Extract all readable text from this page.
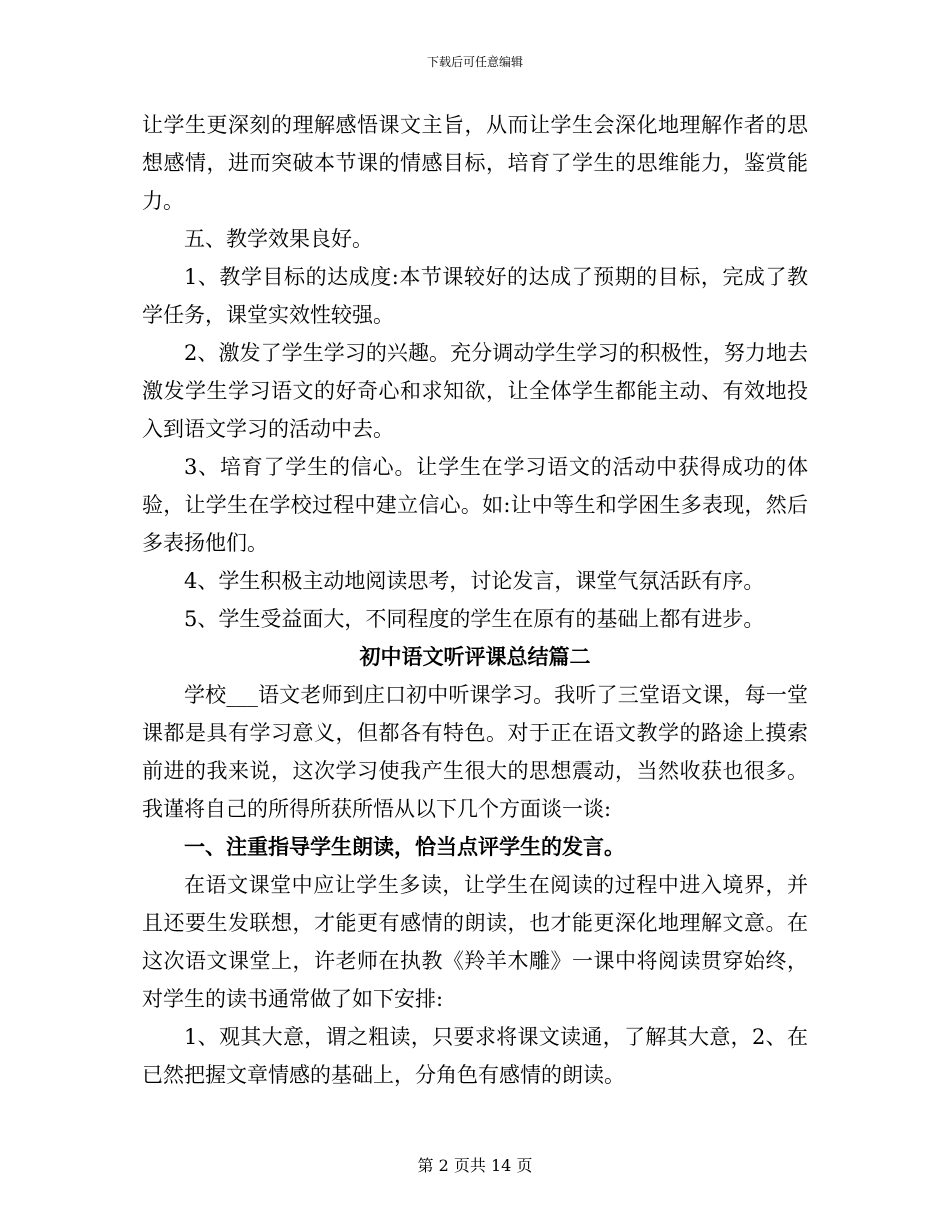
下载后可任意编辑

让学生更深刻的理解感悟课文主旨，从而让学生会深化地理解作者的思想感情，进而突破本节课的情感目标，培育了学生的思维能力，鉴赏能力。

五、教学效果良好。

1、教学目标的达成度:本节课较好的达成了预期的目标，完成了教学任务，课堂实效性较强。

2、激发了学生学习的兴趣。充分调动学生学习的积极性，努力地去激发学生学习语文的好奇心和求知欲，让全体学生都能主动、有效地投入到语文学习的活动中去。

3、培育了学生的信心。让学生在学习语文的活动中获得成功的体验，让学生在学校过程中建立信心。如:让中等生和学困生多表现，然后多表扬他们。

4、学生积极主动地阅读思考，讨论发言，课堂气氛活跃有序。

5、学生受益面大，不同程度的学生在原有的基础上都有进步。

初中语文听评课总结篇二

学校___语文老师到庄口初中听课学习。我听了三堂语文课，每一堂课都是具有学习意义，但都各有特色。对于正在语文教学的路途上摸索前进的我来说，这次学习使我产生很大的思想震动，当然收获也很多。我谨将自己的所得所获所悟从以下几个方面谈一谈:

一、注重指导学生朗读，恰当点评学生的发言。

在语文课堂中应让学生多读，让学生在阅读的过程中进入境界，并且还要生发联想，才能更有感情的朗读，也才能更深化地理解文意。在这次语文课堂上，许老师在执教《羚羊木雕》一课中将阅读贯穿始终，对学生的读书通常做了如下安排:

1、观其大意，谓之粗读，只要求将课文读通，了解其大意，2、在已然把握文章情感的基础上，分角色有感情的朗读。

第 2 页共 14 页
